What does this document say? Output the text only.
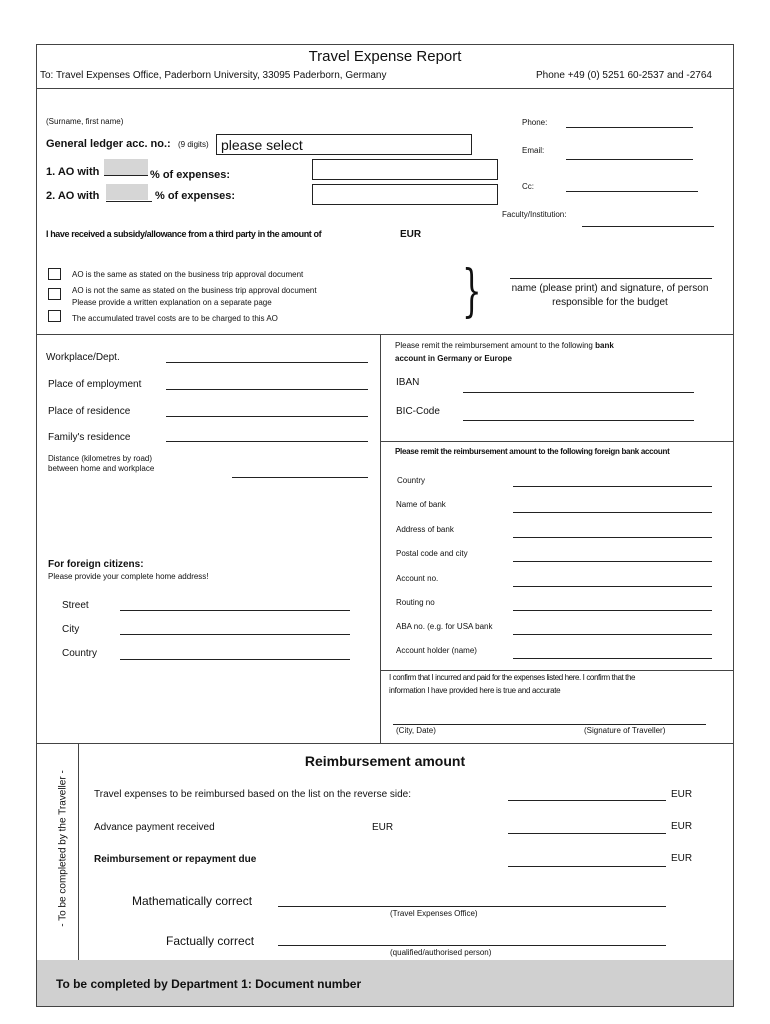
Travel Expense Report
To: Travel Expenses Office, Paderborn University, 33095 Paderborn, Germany	Phone +49 (0) 5251 60-2537 and -2764
(Surname, first name)
General ledger acc. no.: (9 digits) please select
1. AO with	% of expenses:
2. AO with	% of expenses:
I have received a subsidy/allowance from a third party in the amount of	EUR
Phone:
Email:
Cc:
Faculty/Institution:
AO is the same as stated on the business trip approval document
AO is not the same as stated on the business trip approval document
Please provide a written explanation on a separate page
The accumulated travel costs are to be charged to this AO	}	name (please print) and signature, of person
responsible for the budget
Workplace/Dept.
Place of employment
Place of residence
Family's residence
Distance (kilometres by road)
between home and workplace
For foreign citizens:
Please provide your complete home address!
Street
City
Country
Please remit the reimbursement amount to the following bank
account in Germany or Europe
IBAN
BIC-Code
Please remit the reimbursement amount to the following foreign bank account
Country
Name of bank
Address of bank
Postal code and city
Account no.
Routing no
ABA no. (e.g. for USA bank
Account holder (name)
I confirm that I incurred and paid for the expenses listed here. I confirm that the
information I have provided here is true and accurate
(City, Date)	(Signature of Traveller)
- To be completed by the Traveller -
Reimbursement amount
Travel expenses to be reimbursed based on the list on the reverse side:	EUR
Advance payment received	EUR	EUR
Reimbursement or repayment due	EUR
Mathematically correct
(Travel Expenses Office)
Factually correct
(qualified/authorised person)
To be completed by Department 1: Document number
